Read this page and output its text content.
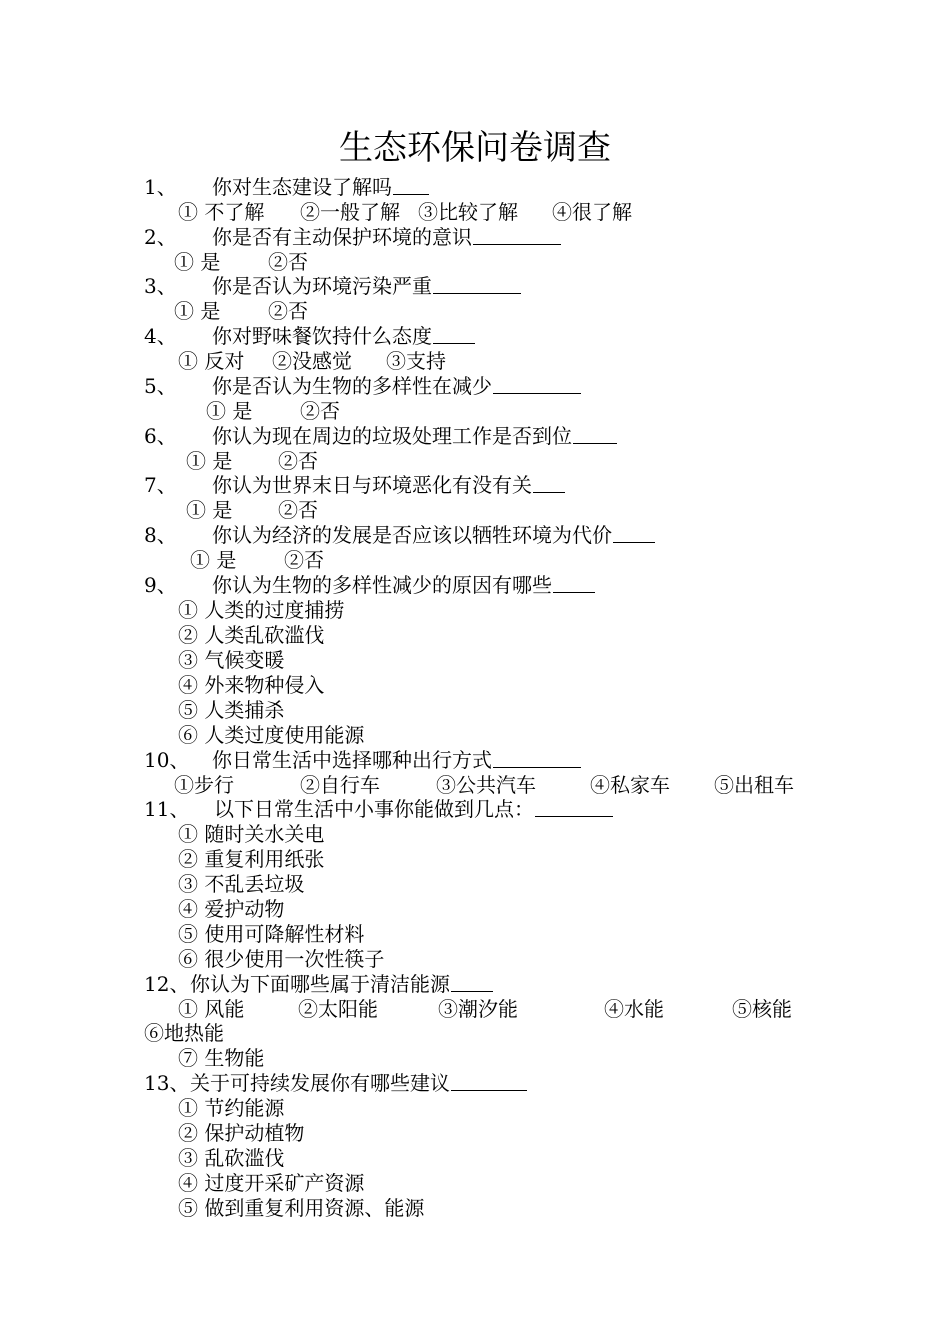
生态环保问卷调查
1、 你对生态建设了解吗
① 不了解 ②一般了解 ③比较了解 ④很了解
2、 你是否有主动保护环境的意识
① 是 ②否
3、 你是否认为环境污染严重
① 是 ②否
4、 你对野味餐饮持什么态度
① 反对 ②没感觉 ③支持
5、 你是否认为生物的多样性在减少
① 是 ②否
6、 你认为现在周边的垃圾处理工作是否到位
① 是 ②否
7、 你认为世界末日与环境恶化有没有关
① 是 ②否
8、 你认为经济的发展是否应该以牺牲环境为代价
① 是 ②否
9、 你认为生物的多样性减少的原因有哪些
① 人类的过度捕捞
② 人类乱砍滥伐
③ 气候变暖
④ 外来物种侵入
⑤ 人类捕杀
⑥ 人类过度使用能源
10、 你日常生活中选择哪种出行方式
①步行	②自行车	③公共汽车	④私家车 ⑤出租车
11、 以下日常生活中小事你能做到几点：
① 随时关水关电
② 重复利用纸张
③ 不乱丢垃圾
④ 爱护动物
⑤ 使用可降解性材料
⑥ 很少使用一次性筷子
12、 你认为下面哪些属于清洁能源
① 风能	②太阳能	③潮汐能	④水能	⑤核能
⑥地热能
⑦ 生物能
13、 关于可持续发展你有哪些建议
① 节约能源
② 保护动植物
③ 乱砍滥伐
④ 过度开采矿产资源
⑤ 做到重复利用资源、能源
